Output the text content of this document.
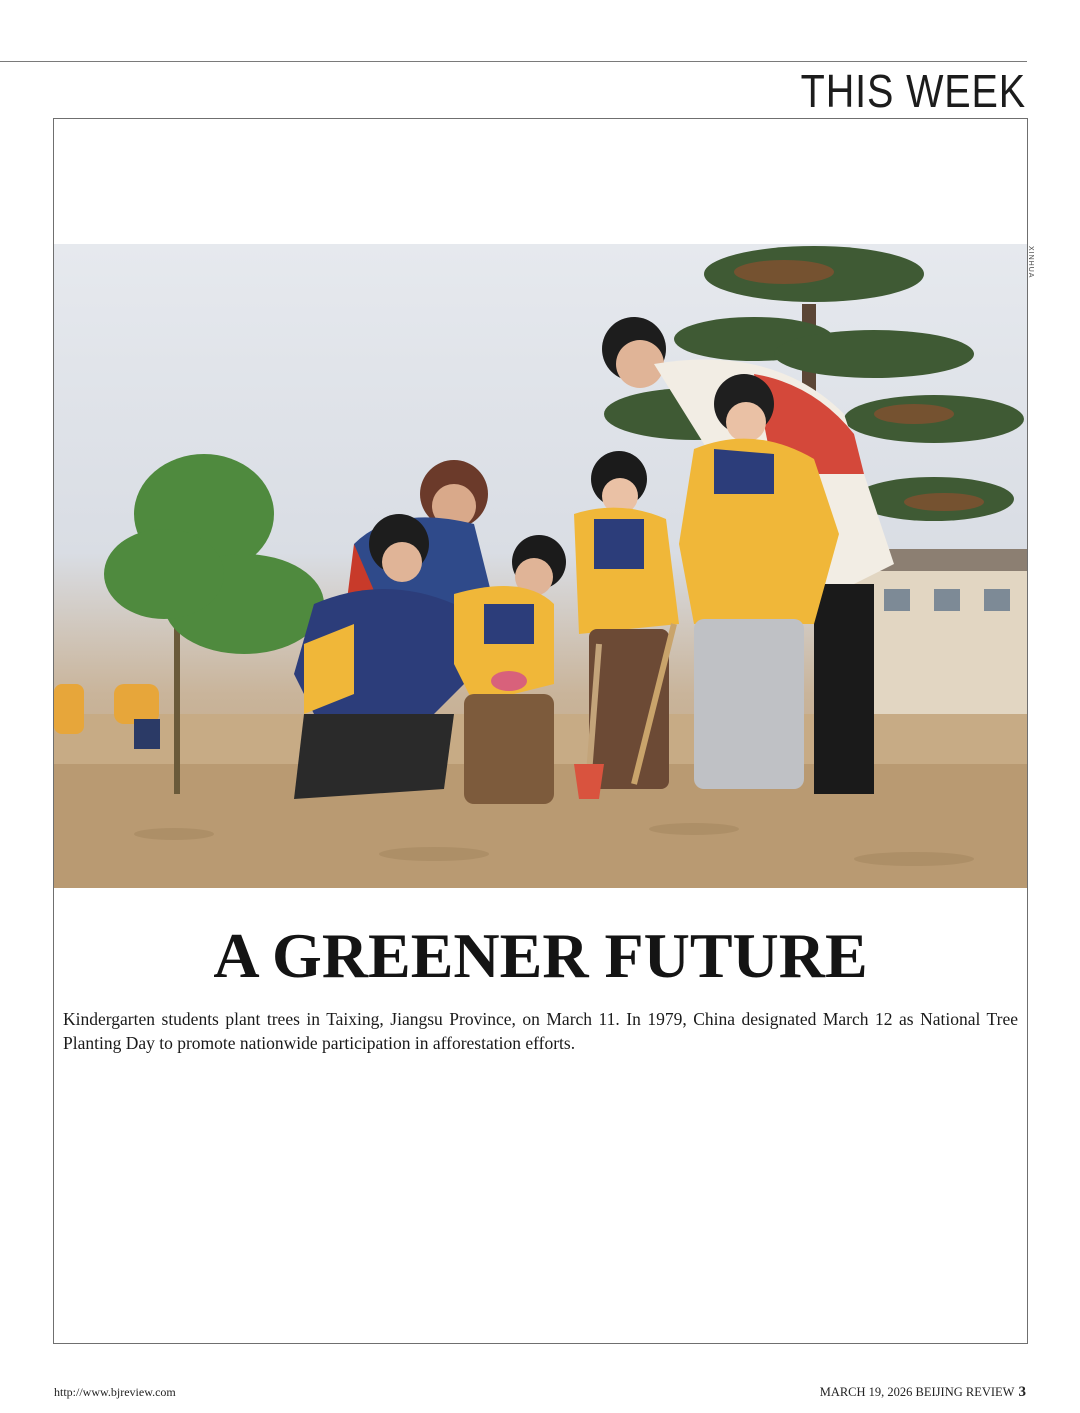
THIS WEEK
XINHUA
A GREENER FUTURE
Kindergarten students plant trees in Taixing, Jiangsu Province, on March 11. In 1979, China designated March 12 as National Tree Planting Day to promote nationwide participation in afforestation efforts.
http://www.bjreview.com	MARCH 19, 2026 BEIJING REVIEW 3
